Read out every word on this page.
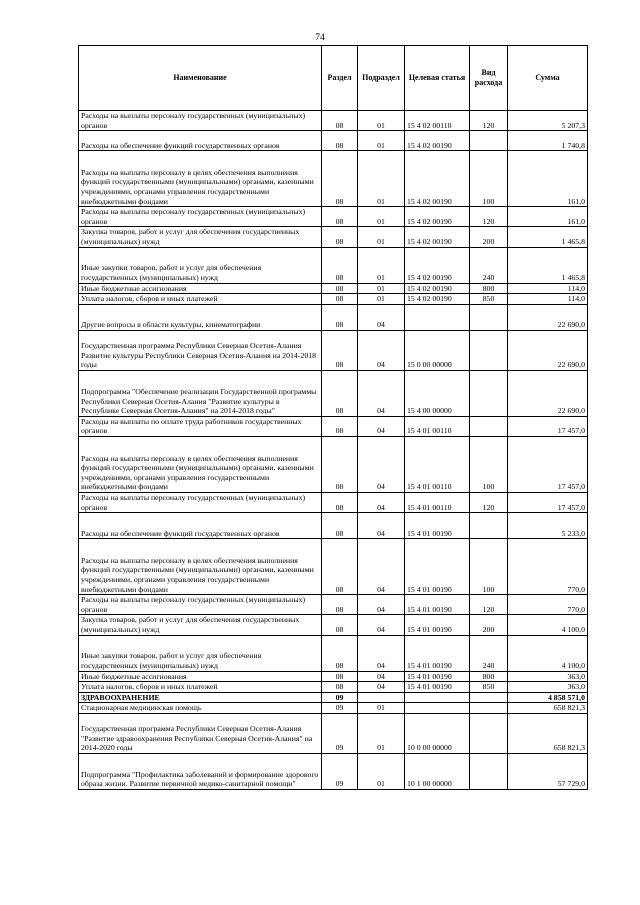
74
Наименование	Раздел	Подраздел	Целевая статья	Вид расхода	Сумма
Расходы на выплаты персоналу государственных (муниципальных) органов	08	01	15 4 02 00110	120	5 207,3
Расходы на обеспечение функций государственных органов	08	01	15 4 02 00190		1 740,8
Расходы на выплаты персоналу в целях обеспечения выполнения функций государственными (муниципальными) органами, казенными учреждениями, органами управления государственными внебюджетными фондами	08	01	15 4 02 00190	100	161,0
Расходы на выплаты персоналу государственных (муниципальных) органов	08	01	15 4 02 00190	120	161,0
Закупка товаров, работ и услуг для обеспечения государственных (муниципальных) нужд	08	01	15 4 02 00190	200	1 465,8
Иные закупки товаров, работ и услуг для обеспечения государственных (муниципальных) нужд	08	01	15 4 02 00190	240	1 465,8
Иные бюджетные ассигнования	08	01	15 4 02 00190	800	114,0
Уплата налогов, сборов и иных платежей	08	01	15 4 02 00190	850	114,0
Другие вопросы в области культуры, кинематографии	08	04			22 690,0
Государственная программа Республики Северная Осетия-Алания Развитие культуры Республики Северная Осетия-Алания на 2014-2018 годы	08	04	15 0 00 00000		22 690,0
Подпрограмма "Обеспечение реализации Государственной программы Республики Северная Осетия-Алания "Развитие культуры в Республике Северная Осетия-Алания" на 2014-2018 годы"	08	04	15 4 00 00000		22 690,0
Расходы на выплаты по оплате труда работников государственных органов	08	04	15 4 01 00110		17 457,0
Расходы на выплаты персоналу в целях обеспечения выполнения функций государственными (муниципальными) органами, казенными учреждениями, органами управления государственными внебюджетными фондами	08	04	15 4 01 00110	100	17 457,0
Расходы на выплаты персоналу государственных (муниципальных) органов	08	04	15 4 01 00110	120	17 457,0
Расходы на обеспечение функций государственных органов	08	04	15 4 01 00190		5 233,0
Расходы на выплаты персоналу в целях обеспечения выполнения функций государственными (муниципальными) органами, казенными учреждениями, органами управления государственными внебюджетными фондами	08	04	15 4 01 00190	100	770,0
Расходы на выплаты персоналу государственных (муниципальных) органов	08	04	15 4 01 00190	120	770,0
Закупка товаров, работ и услуг для обеспечения государственных (муниципальных) нужд	08	04	15 4 01 00190	200	4 100,0
Иные закупки товаров, работ и услуг для обеспечения государственных (муниципальных) нужд	08	04	15 4 01 00190	240	4 100,0
Иные бюджетные ассигнования	08	04	15 4 01 00190	800	363,0
Уплата налогов, сборов и иных платежей	08	04	15 4 01 00190	850	363,0
ЗДРАВООХРАНЕНИЕ	09				4 858 571,0
Стационарная медицинская помощь	09	01			658 821,3
Государственная программа Республики Северная Осетия-Алания "Развитие здравоохранения Республики Северная Осетия-Алания" на 2014-2020 годы	09	01	10 0 00 00000		658 821,3
Подпрограмма "Профилактика заболеваний и формирование здорового образа жизни. Развитие первичной медико-санитарной помощи"	09	01	10 1 00 00000		57 729,0
